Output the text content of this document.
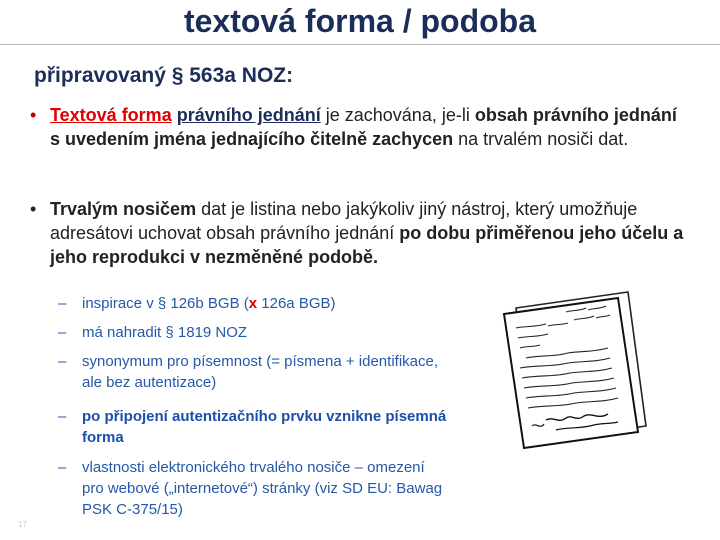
textová forma / podoba
připravovaný § 563a NOZ:
• Textová forma právního jednání je zachována, je-li obsah právního jednání s uvedením jména jednajícího čitelně zachycen na trvalém nosiči dat.
• Trvalým nosičem dat je listina nebo jakýkoliv jiný nástroj, který umožňuje adresátovi uchovat obsah právního jednání po dobu přiměřenou jeho účelu a jeho reprodukci v nezměněné podobě.
– inspirace v § 126b BGB (x 126a BGB)
– má nahradit § 1819 NOZ
– synonymum pro písemnost (= písmena + identifikace, ale bez autentizace)
– po připojení autentizačního prvku vznikne písemná forma
– vlastnosti elektronického trvalého nosiče – omezení pro webové („internetové“) stránky (viz SD EU: Bawag PSK C-375/15)
17
